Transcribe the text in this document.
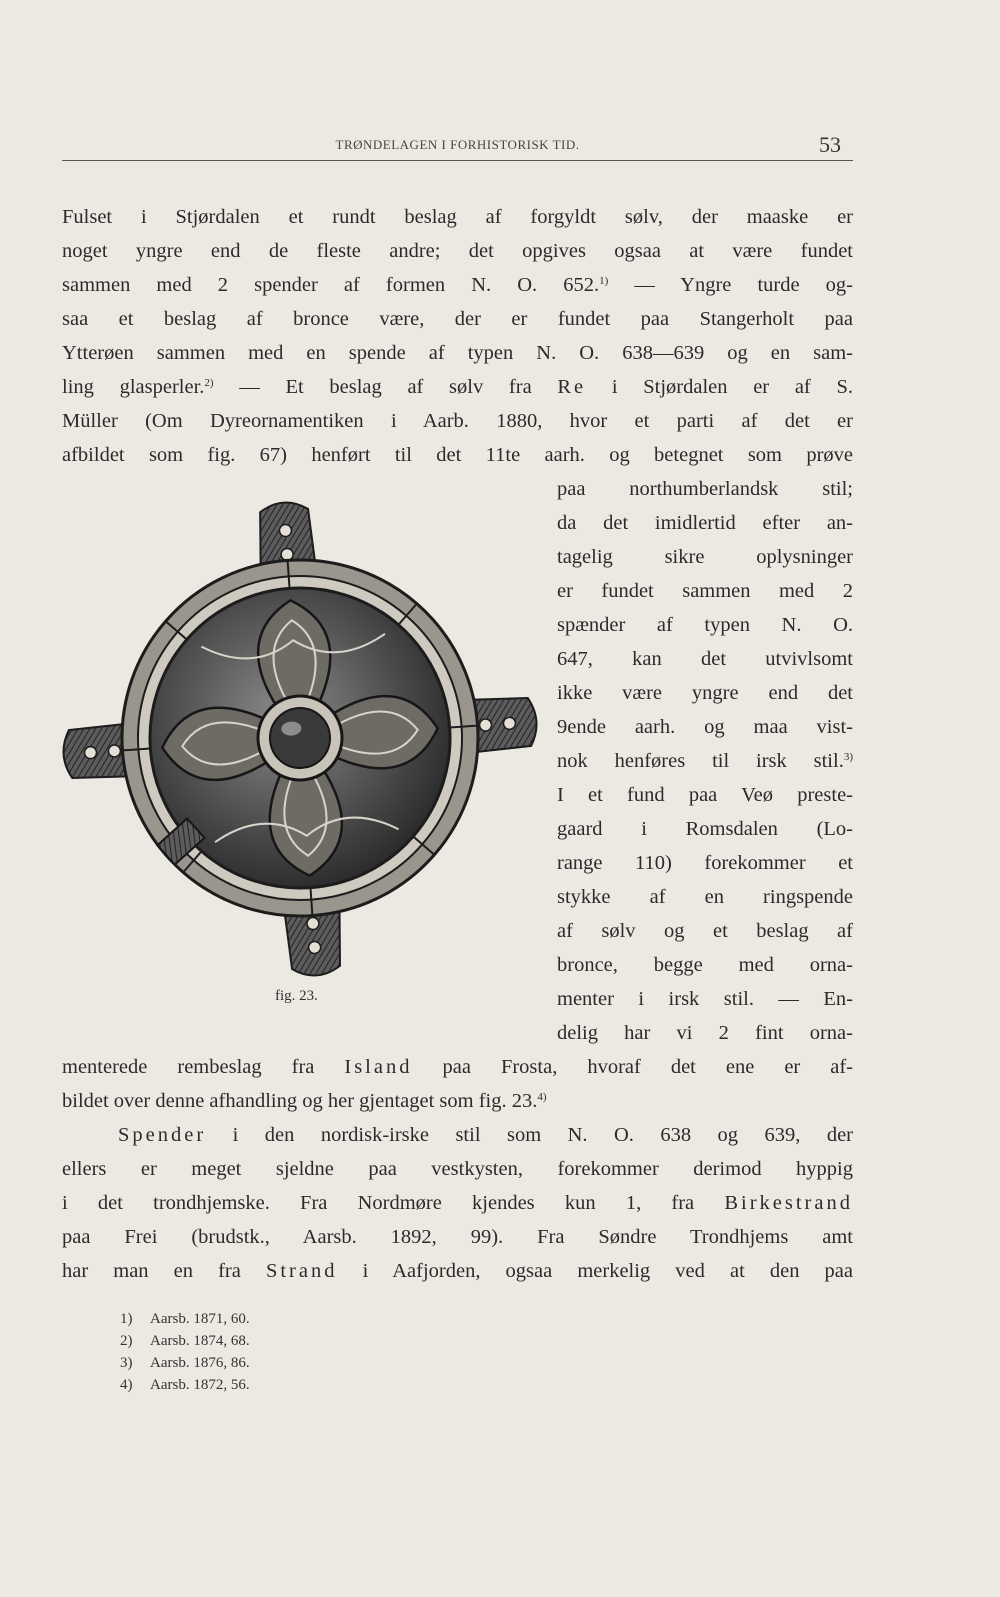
TRØNDELAGEN I FORHISTORISK TID.	53
Fulset i Stjørdalen et rundt beslag af forgyldt sølv, der maaske er
noget yngre end de fleste andre; det opgives ogsaa at være fundet
sammen med 2 spender af formen N. O. 652.$^{1)}$ — Yngre turde og-
saa et beslag af bronce være, der er fundet paa Stangerholt paa
Ytterøen sammen med en spende af typen N. O. 638—639 og en sam-
ling glasperler.$^{2)}$ — Et beslag af sølv fra Re i Stjørdalen er af S.
Müller (Om Dyreornamentiken i Aarb. 1880, hvor et parti af det er
afbildet som fig. 67) henført til det 11te aarh. og betegnet som prøve
paa northumberlandsk stil;
da det imidlertid efter an-
tagelig sikre oplysninger
er fundet sammen med 2
spænder af typen N. O.
647, kan det utvivlsomt
ikke være yngre end det
9ende aarh. og maa vist-
nok henføres til irsk stil.$^{3)}$
I et fund paa Veø preste-
gaard i Romsdalen (Lo-
range 110) forekommer et
stykke af en ringspende
af sølv og et beslag af
bronce, begge med orna-
menter i irsk stil. — En-
delig har vi 2 fint orna-
menterede rembeslag fra Island paa Frosta, hvoraf det ene er af-
bildet over denne afhandling og her gjentaget som fig. 23.$^{4)}$
Spender i den nordisk-irske stil som N. O. 638 og 639, der
ellers er meget sjeldne paa vestkysten, forekommer derimod hyppig
i det trondhjemske. Fra Nordmøre kjendes kun 1, fra Birkestrand
paa Frei (brudstk., Aarsb. 1892, 99). Fra Søndre Trondhjems amt
har man en fra Strand i Aafjorden, ogsaa merkelig ved at den paa
fig. 23.
1) Aarsb. 1871, 60.
2) Aarsb. 1874, 68.
3) Aarsb. 1876, 86.
4) Aarsb. 1872, 56.
